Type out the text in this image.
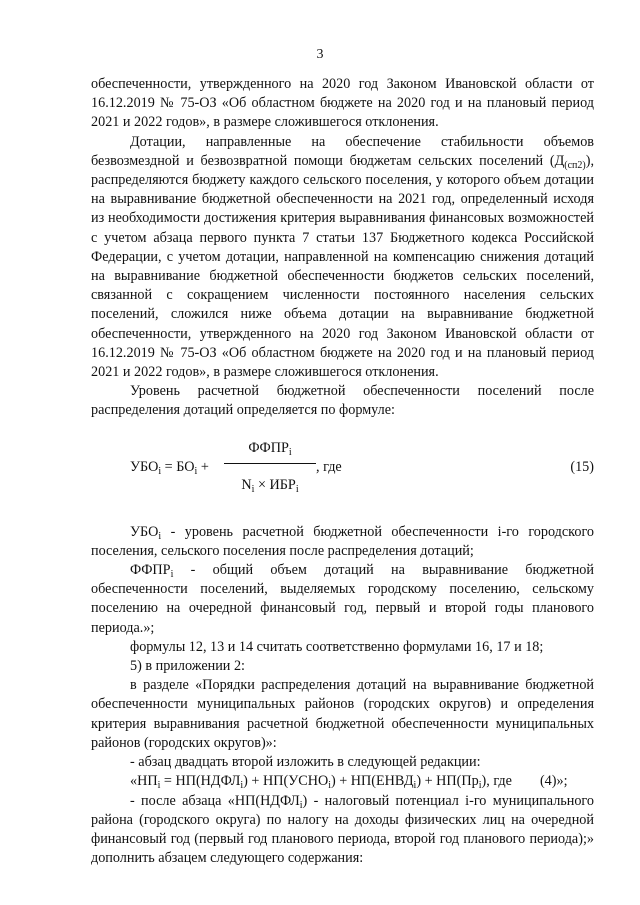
3

обеспеченности, утвержденного на 2020 год Законом Ивановской области от 16.12.2019 № 75-ОЗ «Об областном бюджете на 2020 год и на плановый период 2021 и 2022 годов», в размере сложившегося отклонения.

Дотации, направленные на обеспечение стабильности объемов безвозмездной и безвозвратной помощи бюджетам сельских поселений $(Д_{(сп2)})$, распределяются бюджету каждого сельского поселения, у которого объем дотации на выравнивание бюджетной обеспеченности на 2021 год, определенный исходя из необходимости достижения критерия выравнивания финансовых возможностей с учетом абзаца первого пункта 7 статьи 137 Бюджетного кодекса Российской Федерации, с учетом дотации, направленной на компенсацию снижения дотаций на выравнивание бюджетной обеспеченности бюджетов сельских поселений, связанной с сокращением численности постоянного населения сельских поселений, сложился ниже объема дотации на выравнивание бюджетной обеспеченности, утвержденного на 2020 год Законом Ивановской области от 16.12.2019 № 75-ОЗ «Об областном бюджете на 2020 год и на плановый период 2021 и 2022 годов», в размере сложившегося отклонения.

Уровень расчетной бюджетной обеспеченности поселений после распределения дотаций определяется по формуле:

$УБО_i = БО_i$ +
$ФФПР_i$
, где
$N_i \times ИБР_i$
(15)

$УБО_i$ - уровень расчетной бюджетной обеспеченности i-го городского поселения, сельского поселения после распределения дотаций;

$ФФПР_i$ - общий объем дотаций на выравнивание бюджетной обеспеченности поселений, выделяемых городскому поселению, сельскому поселению на очередной финансовый год, первый и второй годы планового периода.»;

формулы 12, 13 и 14 считать соответственно формулами 16, 17 и 18;

5) в приложении 2:

в разделе «Порядки распределения дотаций на выравнивание бюджетной обеспеченности муниципальных районов (городских округов) и определения критерия выравнивания расчетной бюджетной обеспеченности муниципальных районов (городских округов)»:

- абзац двадцать второй изложить в следующей редакции:

«$НП_i$ = $НП(НДФЛ_i)$ + $НП(УСНО_i)$ + $НП(ЕНВД_i) + НП(Пр_i)$, где (4)»;

- после абзаца «$НП(НДФЛ_i)$ - налоговый потенциал i-го муниципального района (городского округа) по налогу на доходы физических лиц на очередной финансовый год (первый год планового периода, второй год планового периода);» дополнить абзацем следующего содержания:
